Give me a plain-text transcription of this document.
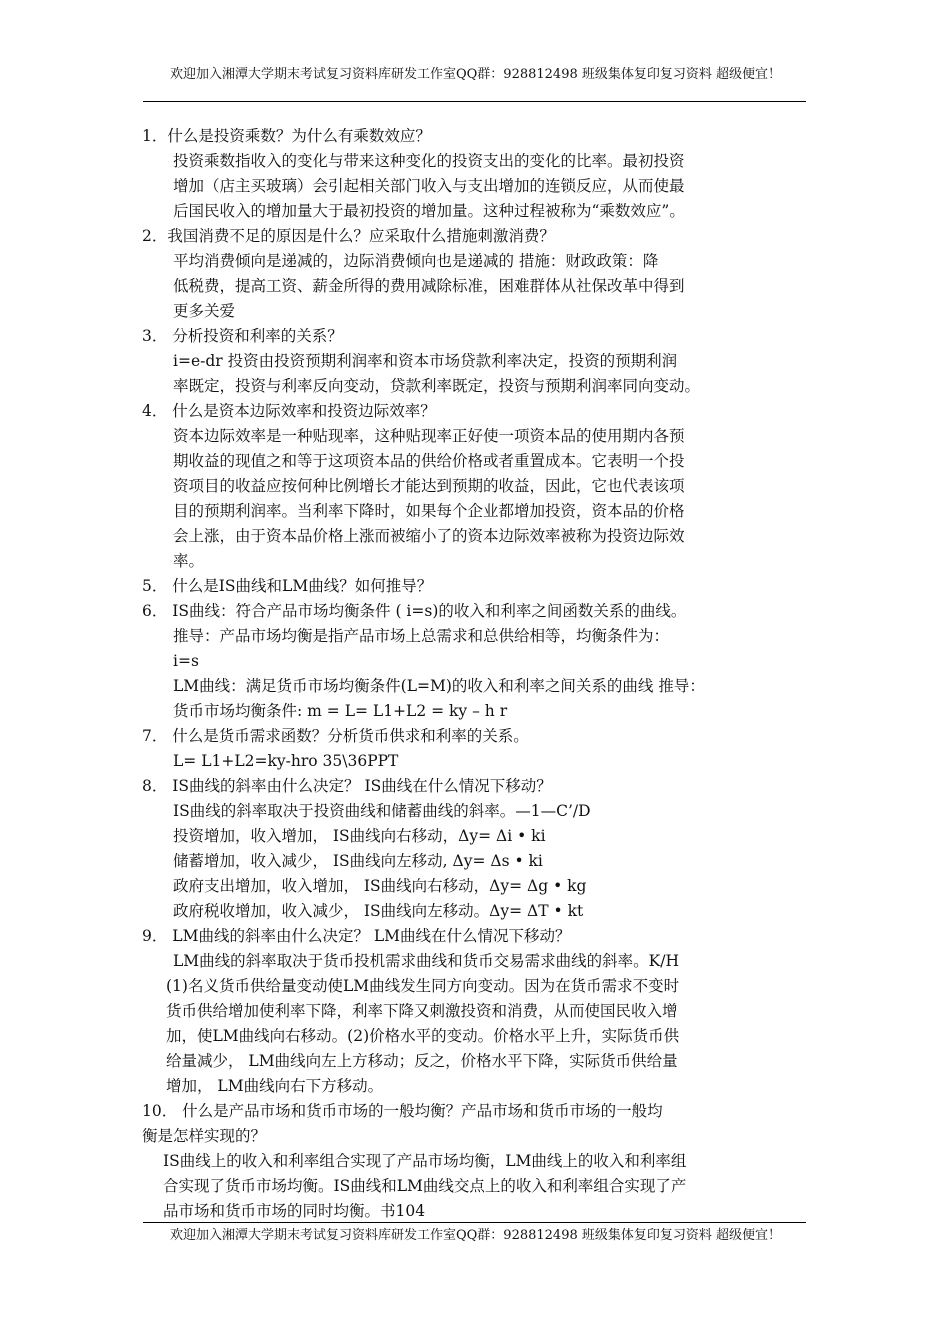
欢迎加入湘潭大学期末考试复习资料库研发工作室QQ群：928812498 班级集体复印复习资料 超级便宜！
1．什么是投资乘数？为什么有乘数效应？
投资乘数指收入的变化与带来这种变化的投资支出的变化的比率。最初投资
增加（店主买玻璃）会引起相关部门收入与支出增加的连锁反应，从而使最
后国民收入的增加量大于最初投资的增加量。这种过程被称为“乘数效应”。
2．我国消费不足的原因是什么？应采取什么措施刺激消费？
平均消费倾向是递减的，边际消费倾向也是递减的 措施：财政政策：降
低税费，提高工资、薪金所得的费用减除标准，困难群体从社保改革中得到
更多关爱
3． 分析投资和利率的关系？
i=e-dr 投资由投资预期利润率和资本市场贷款利率决定，投资的预期利润
率既定，投资与利率反向变动，贷款利率既定，投资与预期利润率同向变动。
4． 什么是资本边际效率和投资边际效率？
资本边际效率是一种贴现率，这种贴现率正好使一项资本品的使用期内各预
期收益的现值之和等于这项资本品的供给价格或者重置成本。它表明一个投
资项目的收益应按何种比例增长才能达到预期的收益，因此，它也代表该项
目的预期利润率。当利率下降时，如果每个企业都增加投资，资本品的价格
会上涨，由于资本品价格上涨而被缩小了的资本边际效率被称为投资边际效
率。
5． 什么是IS曲线和LM曲线？如何推导？
6． IS曲线：符合产品市场均衡条件 ( i=s)的收入和利率之间函数关系的曲线。
推导：产品市场均衡是指产品市场上总需求和总供给相等，均衡条件为：
i=s
LM曲线：满足货币市场均衡条件(L=M)的收入和利率之间关系的曲线 推导：
货币市场均衡条件: m = L= L1+L2 = ky – h r
7． 什么是货币需求函数？分析货币供求和利率的关系。
L= L1+L2=ky-hro 35\36PPT
8． IS曲线的斜率由什么决定？ IS曲线在什么情况下移动？
IS曲线的斜率取决于投资曲线和储蓄曲线的斜率。—1—C’/D
投资增加，收入增加， IS曲线向右移动，Δy= Δi • ki
储蓄增加，收入减少， IS曲线向左移动, Δy= Δs • ki
政府支出增加，收入增加， IS曲线向右移动，Δy= Δg • kg
政府税收增加，收入减少， IS曲线向左移动。Δy= ΔT • kt
9． LM曲线的斜率由什么决定？ LM曲线在什么情况下移动？
LM曲线的斜率取决于货币投机需求曲线和货币交易需求曲线的斜率。K/H
(1)名义货币供给量变动使LM曲线发生同方向变动。因为在货币需求不变时
货币供给增加使利率下降，利率下降又刺激投资和消费，从而使国民收入增
加，使LM曲线向右移动。(2)价格水平的变动。价格水平上升，实际货币供
给量减少， LM曲线向左上方移动；反之，价格水平下降，实际货币供给量
增加， LM曲线向右下方移动。
10． 什么是产品市场和货币市场的一般均衡？产品市场和货币市场的一般均
衡是怎样实现的？
IS曲线上的收入和利率组合实现了产品市场均衡，LM曲线上的收入和利率组
合实现了货币市场均衡。IS曲线和LM曲线交点上的收入和利率组合实现了产
品市场和货币市场的同时均衡。书104
欢迎加入湘潭大学期末考试复习资料库研发工作室QQ群：928812498 班级集体复印复习资料 超级便宜！
